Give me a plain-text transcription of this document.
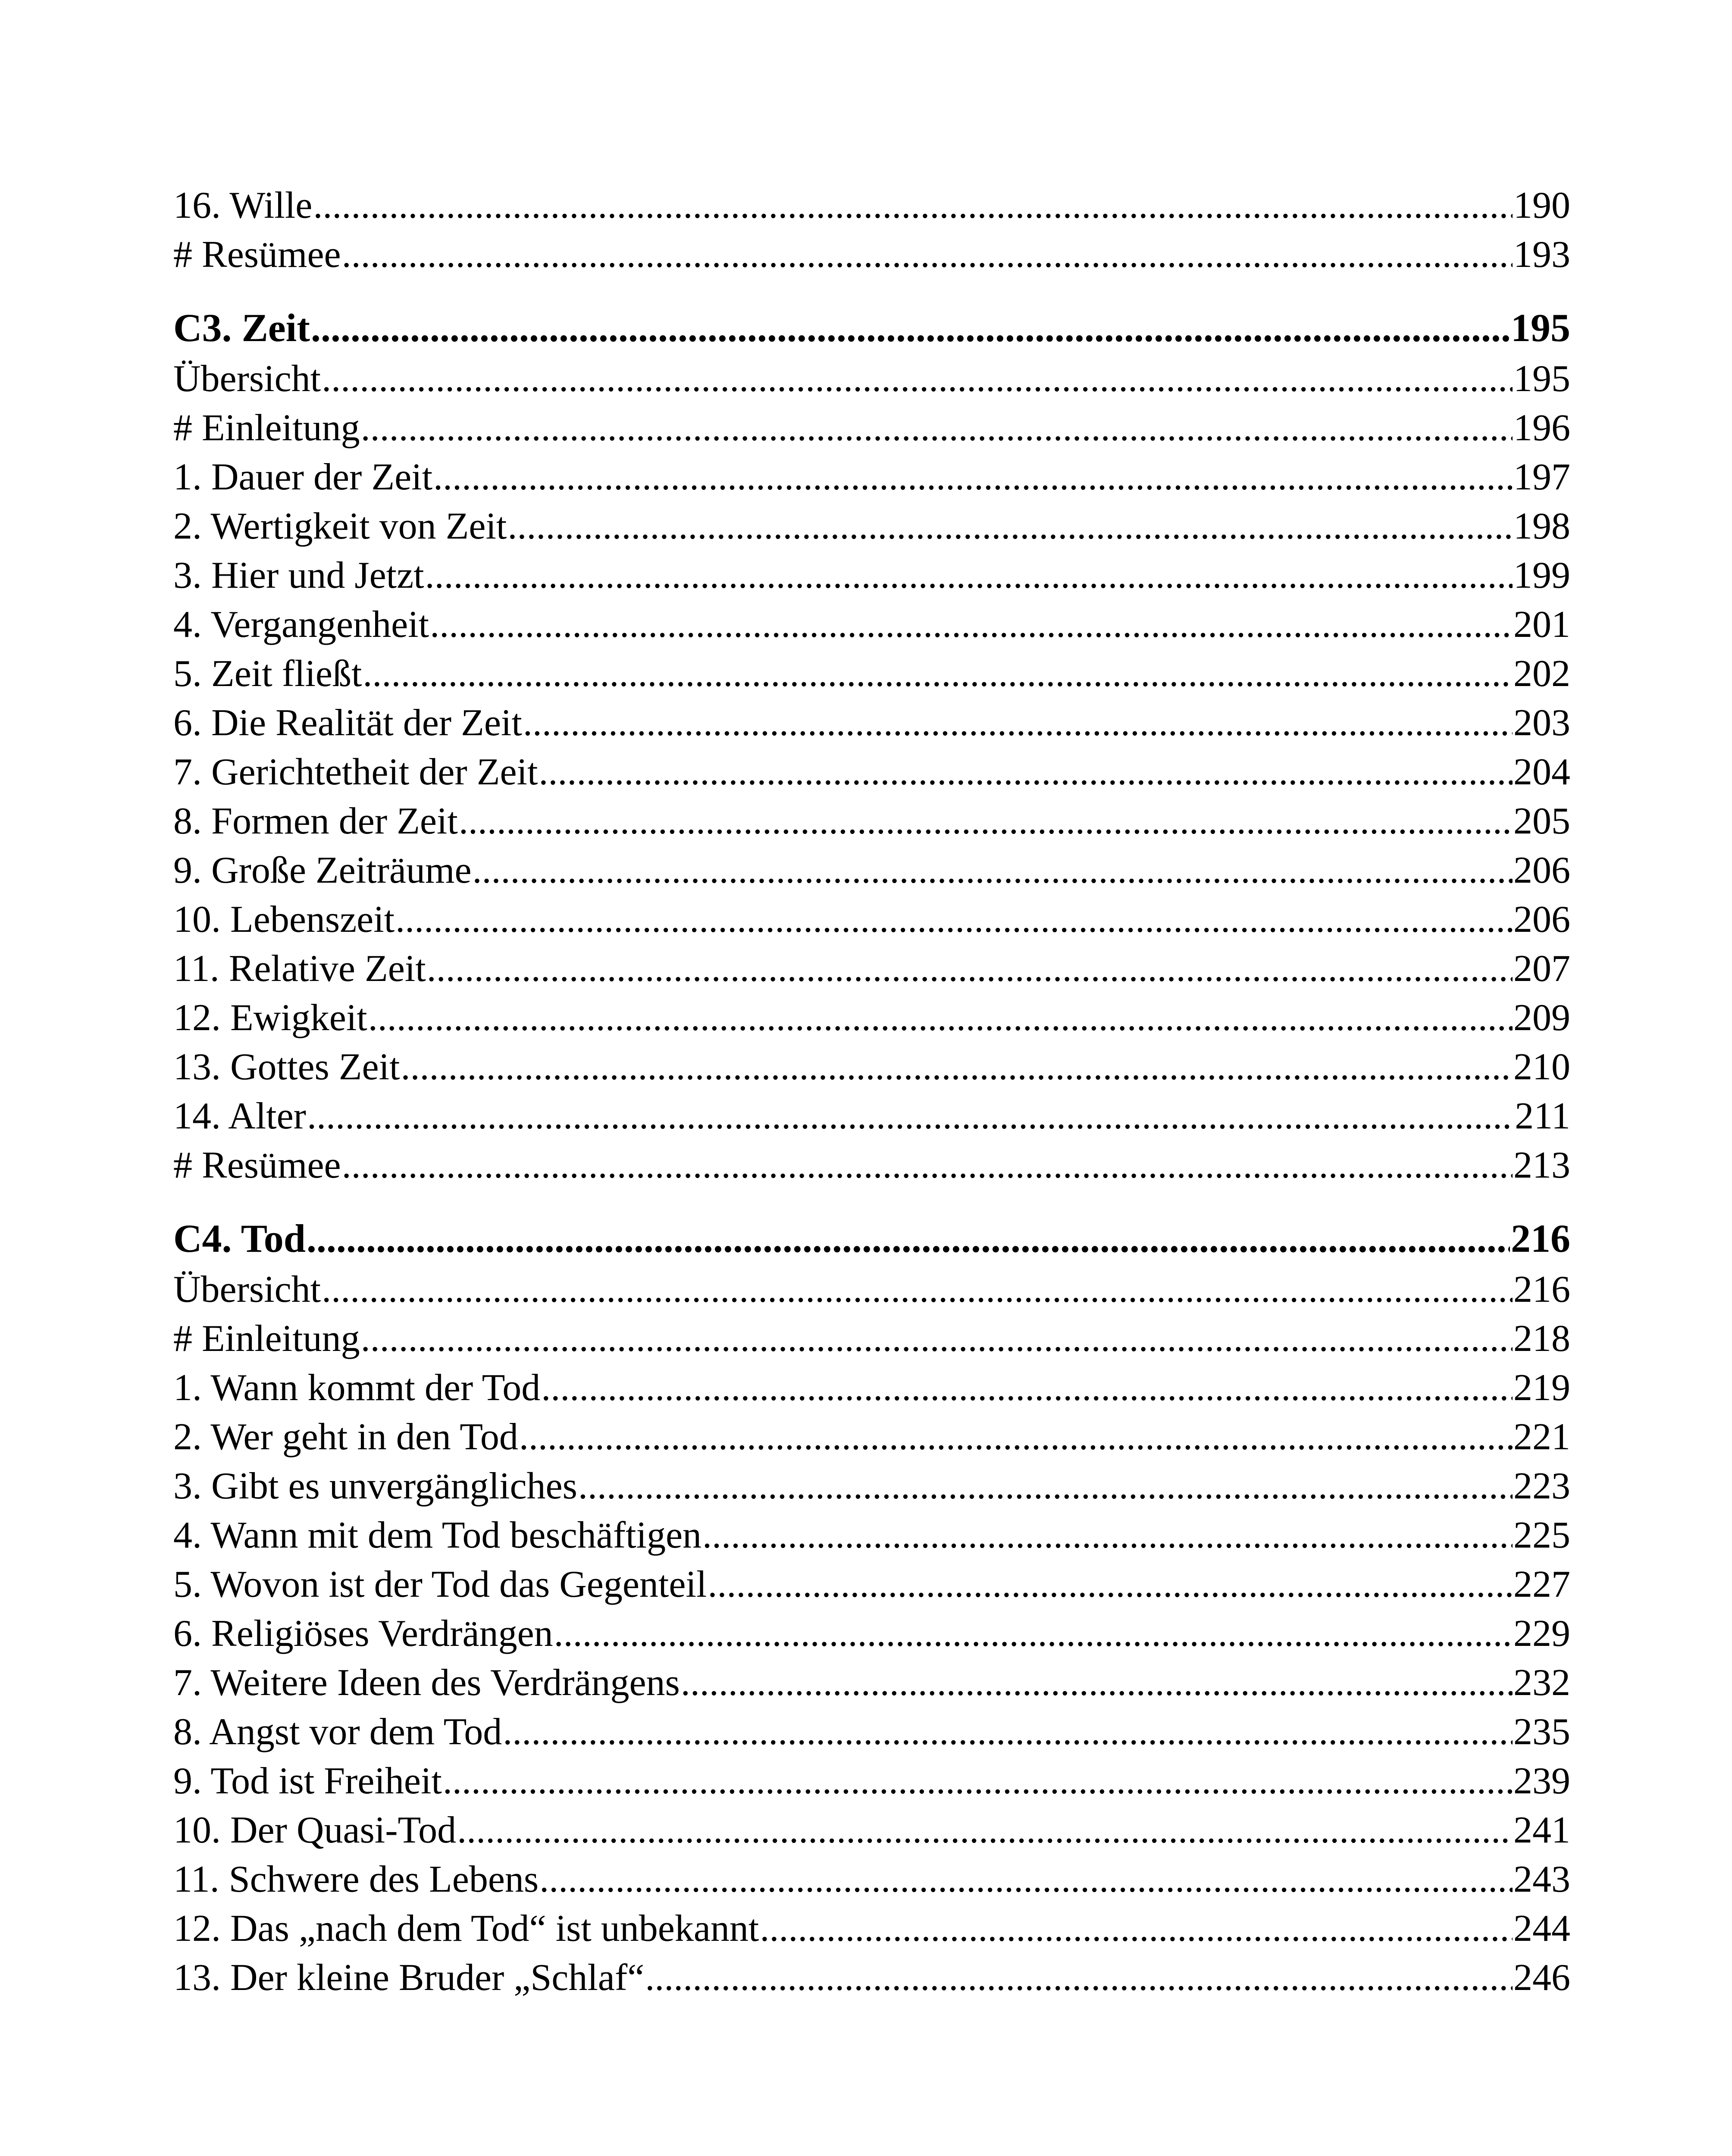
16. Wille .....	190
# Resümee .....	193
C3. Zeit .....	195
Übersicht .....	195
# Einleitung .....	196
1. Dauer der Zeit .....	197
2. Wertigkeit von Zeit .....	198
3. Hier und Jetzt .....	199
4. Vergangenheit .....	201
5. Zeit fließt .....	202
6. Die Realität der Zeit .....	203
7. Gerichtetheit der Zeit .....	204
8. Formen der Zeit .....	205
9. Große Zeiträume .....	206
10. Lebenszeit .....	206
11. Relative Zeit .....	207
12. Ewigkeit .....	209
13. Gottes Zeit .....	210
14. Alter .....	211
# Resümee .....	213
C4. Tod .....	216
Übersicht .....	216
# Einleitung .....	218
1. Wann kommt der Tod .....	219
2. Wer geht in den Tod .....	221
3. Gibt es unvergängliches .....	223
4. Wann mit dem Tod beschäftigen .....	225
5. Wovon ist der Tod das Gegenteil .....	227
6. Religiöses Verdrängen .....	229
7. Weitere Ideen des Verdrängens .....	232
8. Angst vor dem Tod .....	235
9. Tod ist Freiheit .....	239
10. Der Quasi-Tod .....	241
11. Schwere des Lebens .....	243
12. Das „nach dem Tod“ ist unbekannt .....	244
13. Der kleine Bruder „Schlaf“ .....	246
